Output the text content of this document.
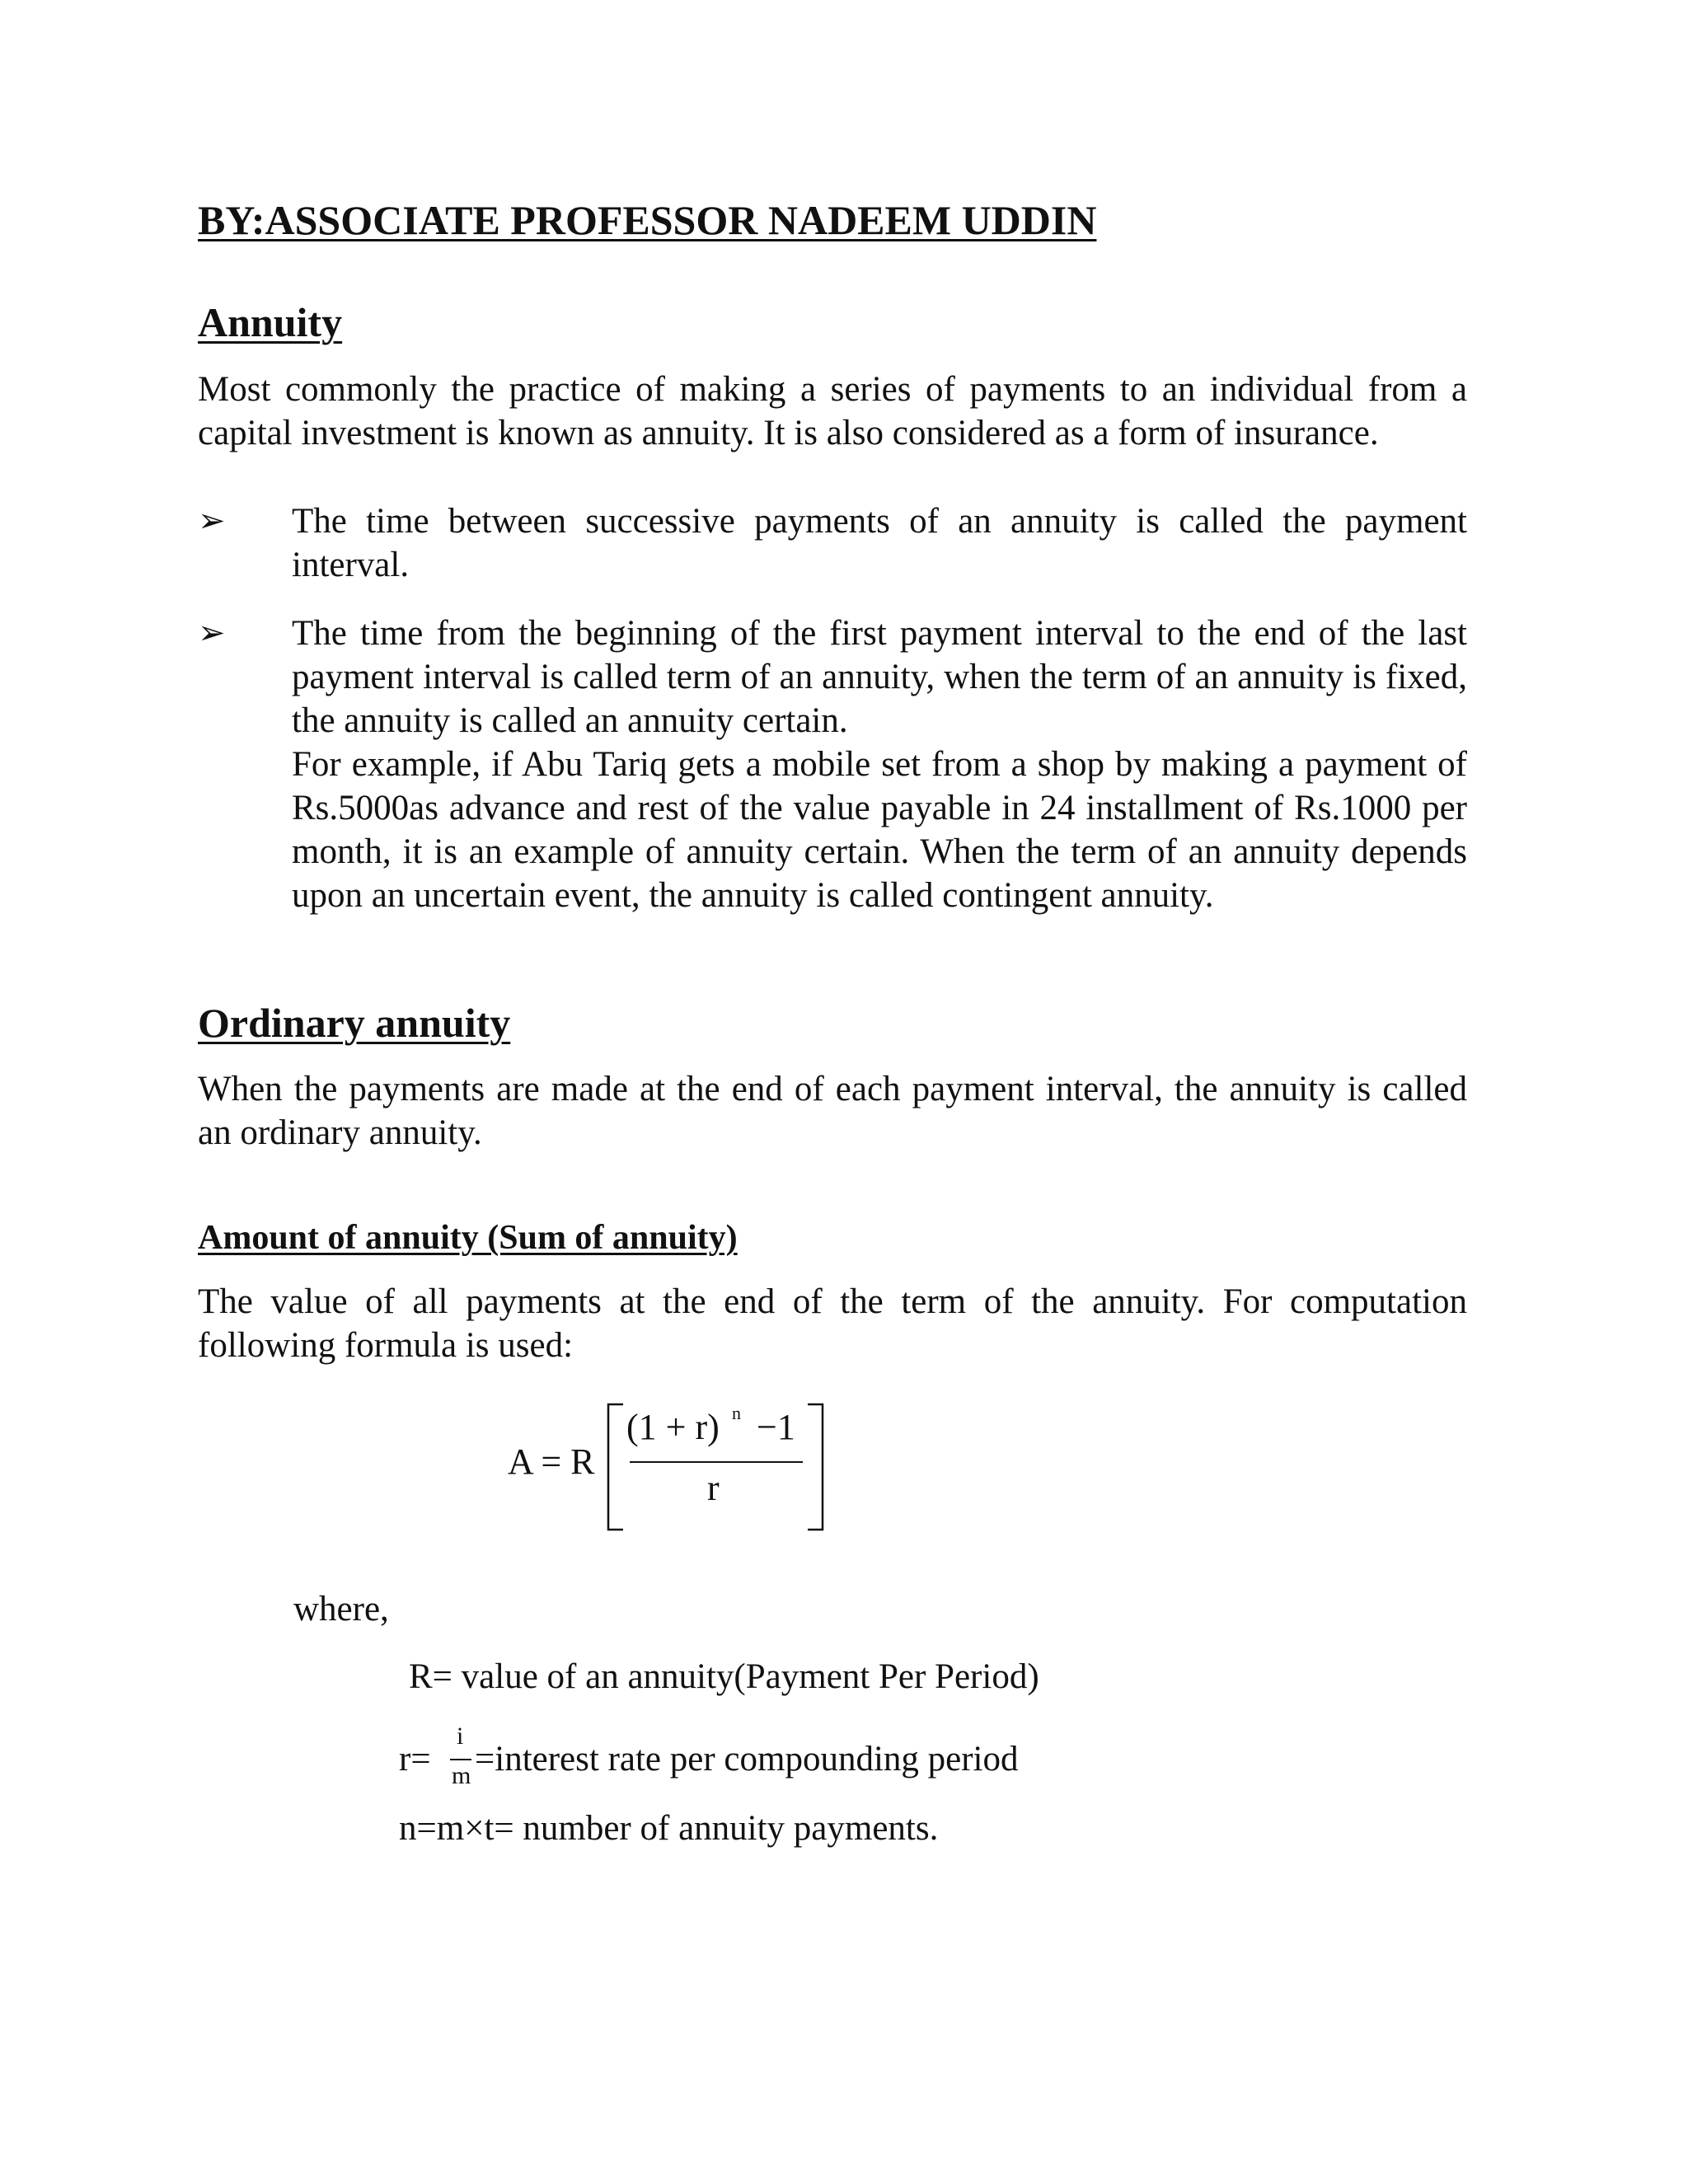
BY:ASSOCIATE PROFESSOR NADEEM UDDIN
Annuity
Most commonly the practice of making a series of payments to an individual from a capital investment is known as annuity. It is also considered as a form of insurance.
➢ The time between successive payments of an annuity is called the payment interval.
➢ The time from the beginning of the first payment interval to the end of the last payment interval is called term of an annuity, when the term of an annuity is fixed, the annuity is called an annuity certain.
For example, if Abu Tariq gets a mobile set from a shop by making a payment of Rs.5000as advance and rest of the value payable in 24 installment of Rs.1000 per month, it is an example of annuity certain. When the term of an annuity depends upon an uncertain event, the annuity is called contingent annuity.
Ordinary annuity
When the payments are made at the end of each payment interval, the annuity is called an ordinary annuity.
Amount of annuity (Sum of annuity)
The value of all payments at the end of the term of the annuity. For computation following formula is used:
A = R
(1 + r) n −1
r
where,
R= value of an annuity(Payment Per Period)
r=
i
m =interest rate per compounding period
n=m×t= number of annuity payments.
